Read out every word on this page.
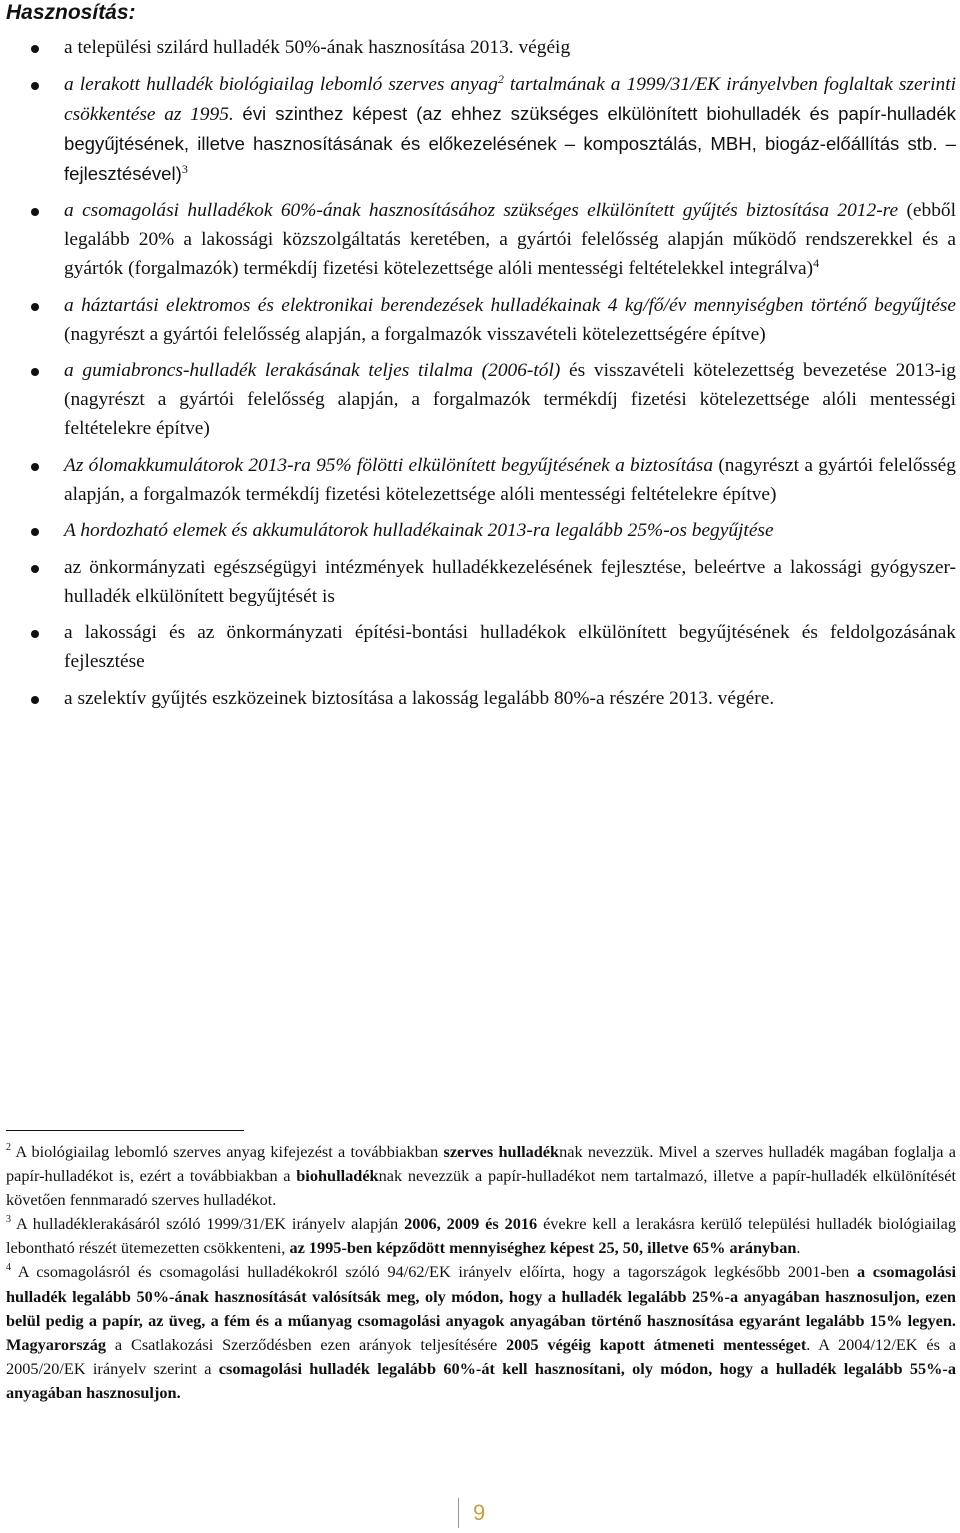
Hasznosítás:
a települési szilárd hulladék 50%-ának hasznosítása 2013. végéig
a lerakott hulladék biológiailag lebomló szerves anyag$^2$ tartalmának a 1999/31/EK irányelvben foglaltak szerinti csökkentése az 1995. évi szinthez képest (az ehhez szükséges elkülönített biohulladék és papír-hulladék begyűjtésének, illetve hasznosításának és előkezelésének – komposztálás, MBH, biogáz-előállítás stb. – fejlesztésével)$^3$
a csomagolási hulladékok 60%-ának hasznosításához szükséges elkülönített gyűjtés biztosítása 2012-re (ebből legalább 20% a lakossági közszolgáltatás keretében, a gyártói felelősség alapján működő rendszerekkel és a gyártók (forgalmazók) termékdíj fizetési kötelezettsége alóli mentességi feltételekkel integrálva)$^4$
a háztartási elektromos és elektronikai berendezések hulladékainak 4 kg/fő/év mennyiségben történő begyűjtése (nagyrészt a gyártói felelősség alapján, a forgalmazók visszavételi kötelezettségére építve)
a gumiabroncs-hulladék lerakásának teljes tilalma (2006-tól) és visszavételi kötelezettség bevezetése 2013-ig (nagyrészt a gyártói felelősség alapján, a forgalmazók termékdíj fizetési kötelezettsége alóli mentességi feltételekre építve)
Az ólomakkumulátorok 2013-ra 95% fölötti elkülönített begyűjtésének a biztosítása (nagyrészt a gyártói felelősség alapján, a forgalmazók termékdíj fizetési kötelezettsége alóli mentességi feltételekre építve)
A hordozható elemek és akkumulátorok hulladékainak 2013-ra legalább 25%-os begyűjtése
az önkormányzati egészségügyi intézmények hulladékkezelésének fejlesztése, beleértve a lakossági gyógyszer-hulladék elkülönített begyűjtését is
a lakossági és az önkormányzati építési-bontási hulladékok elkülönített begyűjtésének és feldolgozásának fejlesztése
a szelektív gyűjtés eszközeinek biztosítása a lakosság legalább 80%-a részére 2013. végére.

$^2$ A biológiailag lebomló szerves anyag kifejezést a továbbiakban szerves hulladéknak nevezzük. Mivel a szerves hulladék magában foglalja a papír-hulladékot is, ezért a továbbiakban a biohulladéknak nevezzük a papír-hulladékot nem tartalmazó, illetve a papír-hulladék elkülönítését követően fennmaradó szerves hulladékot.

$^3$ A hulladéklerakásáról szóló 1999/31/EK irányelv alapján 2006, 2009 és 2016 évekre kell a lerakásra kerülő települési hulladék biológiailag lebontható részét ütemezetten csökkenteni, az 1995-ben képződött mennyiséghez képest 25, 50, illetve 65% arányban.

$^4$ A csomagolásról és csomagolási hulladékokról szóló 94/62/EK irányelv előírta, hogy a tagországok legkésőbb 2001-ben a csomagolási hulladék legalább 50%-ának hasznosítását valósítsák meg, oly módon, hogy a hulladék legalább 25%-a anyagában hasznosuljon, ezen belül pedig a papír, az üveg, a fém és a műanyag csomagolási anyagok anyagában történő hasznosítása egyaránt legalább 15% legyen. Magyarország a Csatlakozási Szerződésben ezen arányok teljesítésére 2005 végéig kapott átmeneti mentességet. A 2004/12/EK és a 2005/20/EK irányelv szerint a csomagolási hulladék legalább 60%-át kell hasznosítani, oly módon, hogy a hulladék legalább 55%-a anyagában hasznosuljon.

9
